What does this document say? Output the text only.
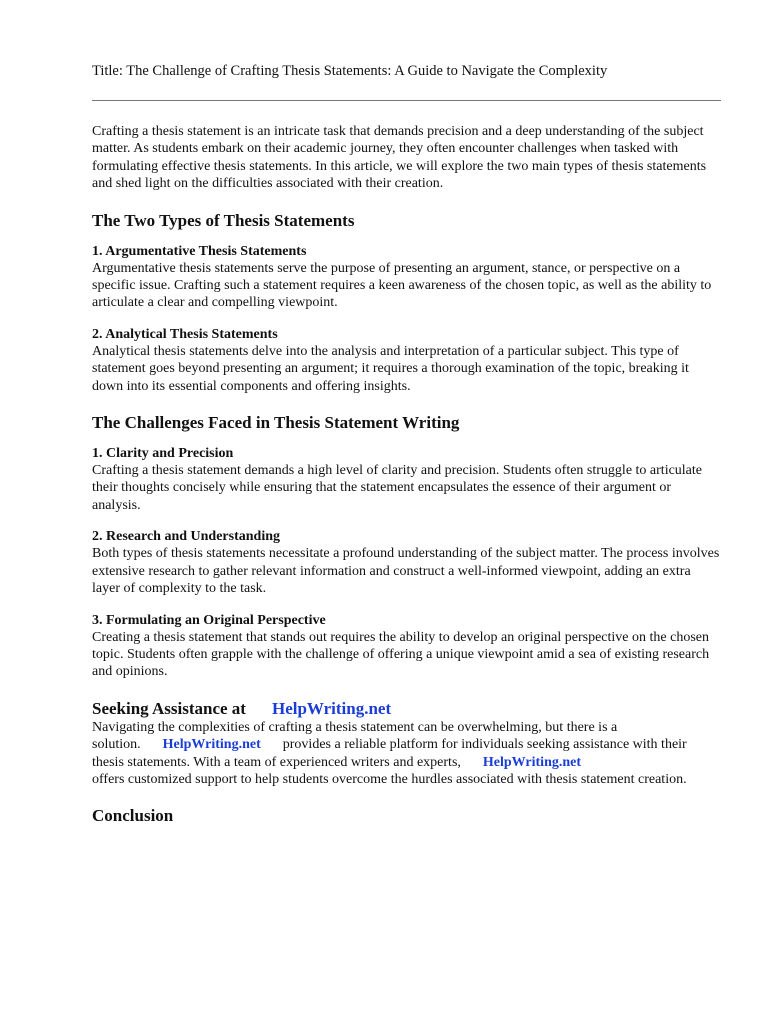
Title: The Challenge of Crafting Thesis Statements: A Guide to Navigate the Complexity

Crafting a thesis statement is an intricate task that demands precision and a deep understanding of the subject matter. As students embark on their academic journey, they often encounter challenges when tasked with formulating effective thesis statements. In this article, we will explore the two main types of thesis statements and shed light on the difficulties associated with their creation.

The Two Types of Thesis Statements
1. Argumentative Thesis Statements

Argumentative thesis statements serve the purpose of presenting an argument, stance, or perspective on a specific issue. Crafting such a statement requires a keen awareness of the chosen topic, as well as the ability to articulate a clear and compelling viewpoint.

2. Analytical Thesis Statements

Analytical thesis statements delve into the analysis and interpretation of a particular subject. This type of statement goes beyond presenting an argument; it requires a thorough examination of the topic, breaking it down into its essential components and offering insights.

The Challenges Faced in Thesis Statement Writing
1. Clarity and Precision

Crafting a thesis statement demands a high level of clarity and precision. Students often struggle to articulate their thoughts concisely while ensuring that the statement encapsulates the essence of their argument or analysis.

2. Research and Understanding

Both types of thesis statements necessitate a profound understanding of the subject matter. The process involves extensive research to gather relevant information and construct a well-informed viewpoint, adding an extra layer of complexity to the task.

3. Formulating an Original Perspective

Creating a thesis statement that stands out requires the ability to develop an original perspective on the chosen topic. Students often grapple with the challenge of offering a unique viewpoint amid a sea of existing research and opinions.

Seeking Assistance at HelpWriting.net

Navigating the complexities of crafting a thesis statement can be overwhelming, but there is a solution. HelpWriting.net provides a reliable platform for individuals seeking assistance with their thesis statements. With a team of experienced writers and experts, HelpWriting.net
offers customized support to help students overcome the hurdles associated with thesis statement creation.

Conclusion
